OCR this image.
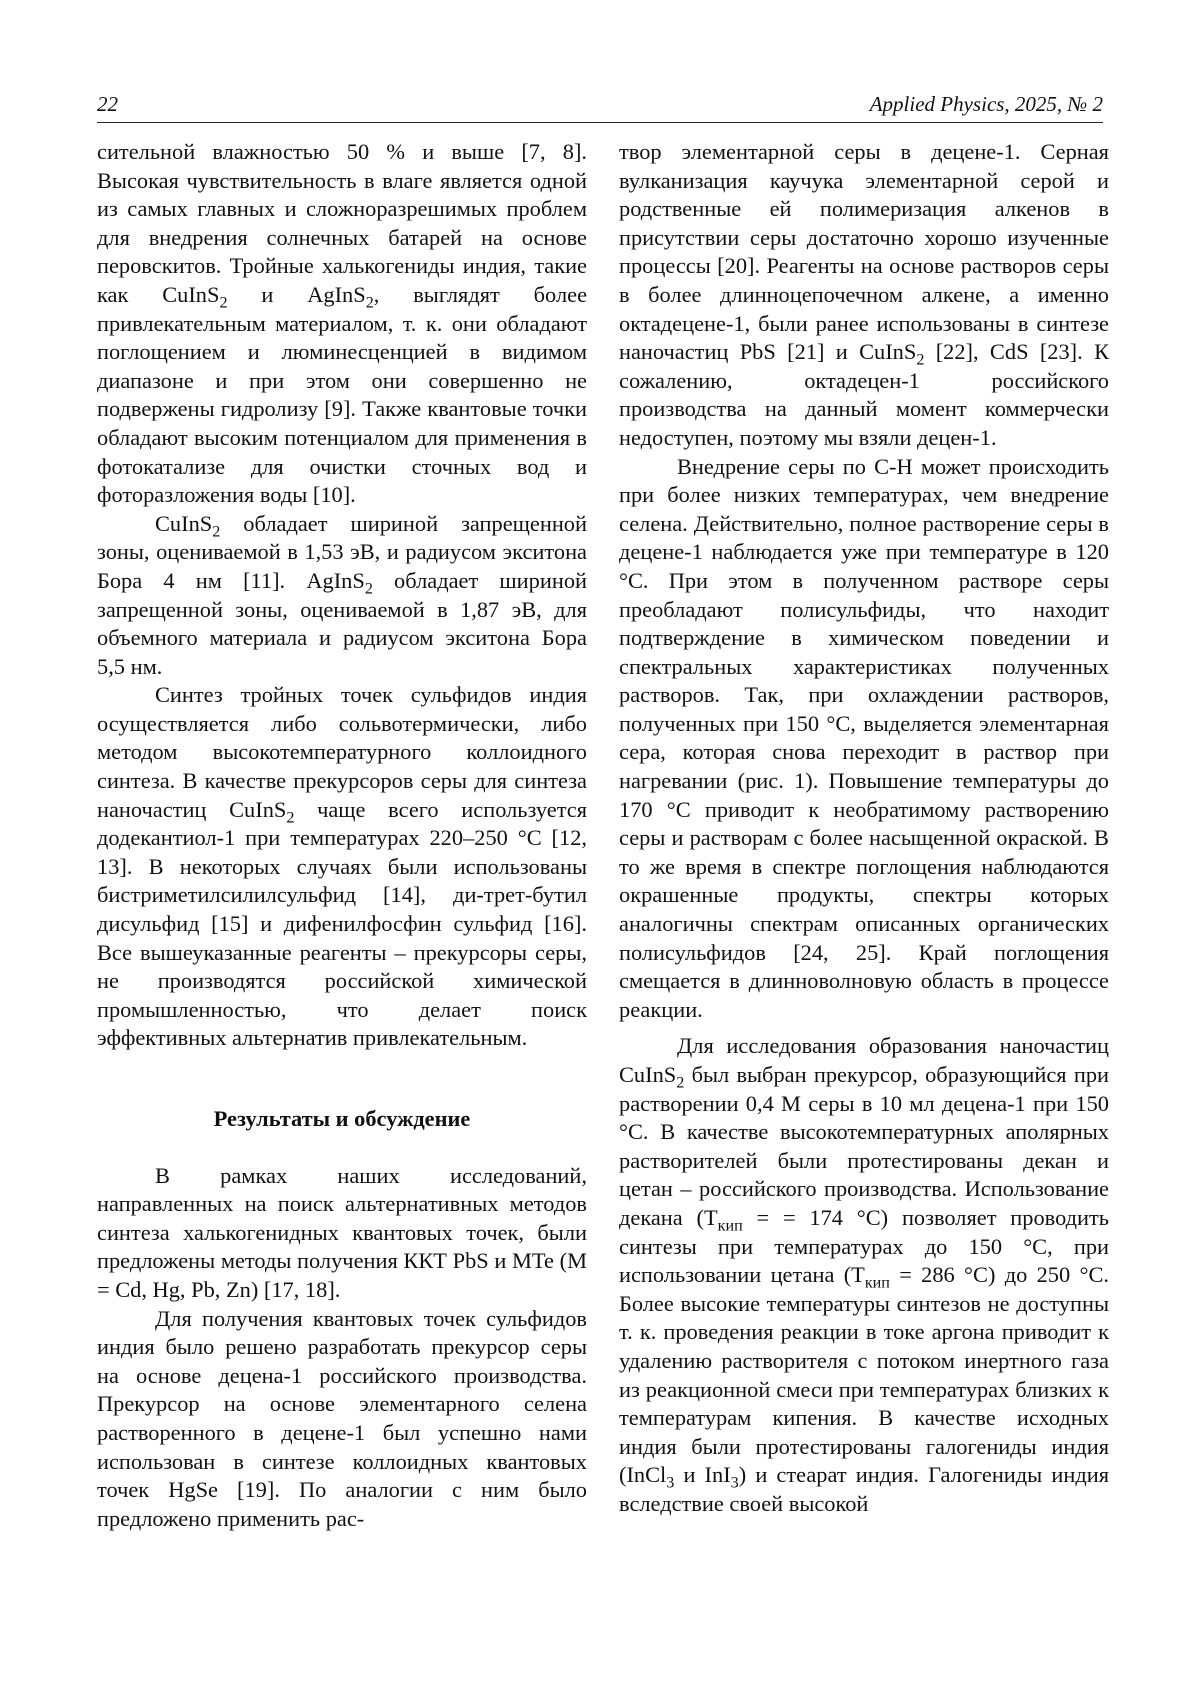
22	Applied Physics, 2025, № 2

сительной влажностью 50 % и выше [7, 8]. Высокая чувствительность в влаге является одной из самых главных и сложноразрешимых проблем для внедрения солнечных батарей на основе перовскитов. Тройные халькогениды индия, такие как CuInS$_2$ и AgInS$_2$, выглядят более привлекательным материалом, т. к. они обладают поглощением и люминесценцией в видимом диапазоне и при этом они совершенно не подвержены гидролизу [9]. Также квантовые точки обладают высоким потенциалом для применения в фотокатализе для очистки сточных вод и фоторазложения воды [10].

CuInS$_2$ обладает шириной запрещенной зоны, оцениваемой в 1,53 эВ, и радиусом экситона Бора 4 нм [11]. AgInS$_2$ обладает шириной запрещенной зоны, оцениваемой в 1,87 эВ, для объемного материала и радиусом экситона Бора 5,5 нм.

Синтез тройных точек сульфидов индия осуществляется либо сольвотермически, либо методом высокотемпературного коллоидного синтеза. В качестве прекурсоров серы для синтеза наночастиц CuInS$_2$ чаще всего используется додекантиол-1 при температурах 220–250 °C [12, 13]. В некоторых случаях были использованы бистриметилсилилсульфид [14], ди-трет-бутил дисульфид [15] и дифенилфосфин сульфид [16]. Все вышеуказанные реагенты – прекурсоры серы, не производятся российской химической промышленностью, что делает поиск эффективных альтернатив привлекательным.

Результаты и обсуждение

В рамках наших исследований, направленных на поиск альтернативных методов синтеза халькогенидных квантовых точек, были предложены методы получения ККТ PbS и MTe (M = Cd, Hg, Pb, Zn) [17, 18].

Для получения квантовых точек сульфидов индия было решено разработать прекурсор серы на основе децена-1 российского производства. Прекурсор на основе элементарного селена растворенного в децене-1 был успешно нами использован в синтезе коллоидных квантовых точек HgSe [19]. По аналогии с ним было предложено применить рас-

твор элементарной серы в децене-1. Серная вулканизация каучука элементарной серой и родственные ей полимеризация алкенов в присутствии серы достаточно хорошо изученные процессы [20]. Реагенты на основе растворов серы в более длинноцепочечном алкене, а именно октадецене-1, были ранее использованы в синтезе наночастиц PbS [21] и CuInS$_2$ [22], CdS [23]. К сожалению, октадецен-1 российского производства на данный момент коммерчески недоступен, поэтому мы взяли децен-1.

Внедрение серы по C-H может происходить при более низких температурах, чем внедрение селена. Действительно, полное растворение серы в децене-1 наблюдается уже при температуре в 120 °C. При этом в полученном растворе серы преобладают полисульфиды, что находит подтверждение в химическом поведении и спектральных характеристиках полученных растворов. Так, при охлаждении растворов, полученных при 150 °C, выделяется элементарная сера, которая снова переходит в раствор при нагревании (рис. 1). Повышение температуры до 170 °C приводит к необратимому растворению серы и растворам с более насыщенной окраской. В то же время в спектре поглощения наблюдаются окрашенные продукты, спектры которых аналогичны спектрам описанных органических полисульфидов [24, 25]. Край поглощения смещается в длинноволновую область в процессе реакции.

Для исследования образования наночастиц CuInS$_2$ был выбран прекурсор, образующийся при растворении 0,4 M серы в 10 мл децена-1 при 150 °C. В качестве высокотемпературных аполярных растворителей были протестированы декан и цетан – российского производства. Использование декана ($T_{кип}$ = = 174 °C) позволяет проводить синтезы при температурах до 150 °C, при использовании цетана ($T_{кип} = 286$ °C) до 250 °C. Более высокие температуры синтезов не доступны т. к. проведения реакции в токе аргона приводит к удалению растворителя с потоком инертного газа из реакционной смеси при температурах близких к температурам кипения. В качестве исходных индия были протестированы галогениды индия (InCl$_3$ и InI$_3$) и стеарат индия. Галогениды индия вследствие своей высокой
